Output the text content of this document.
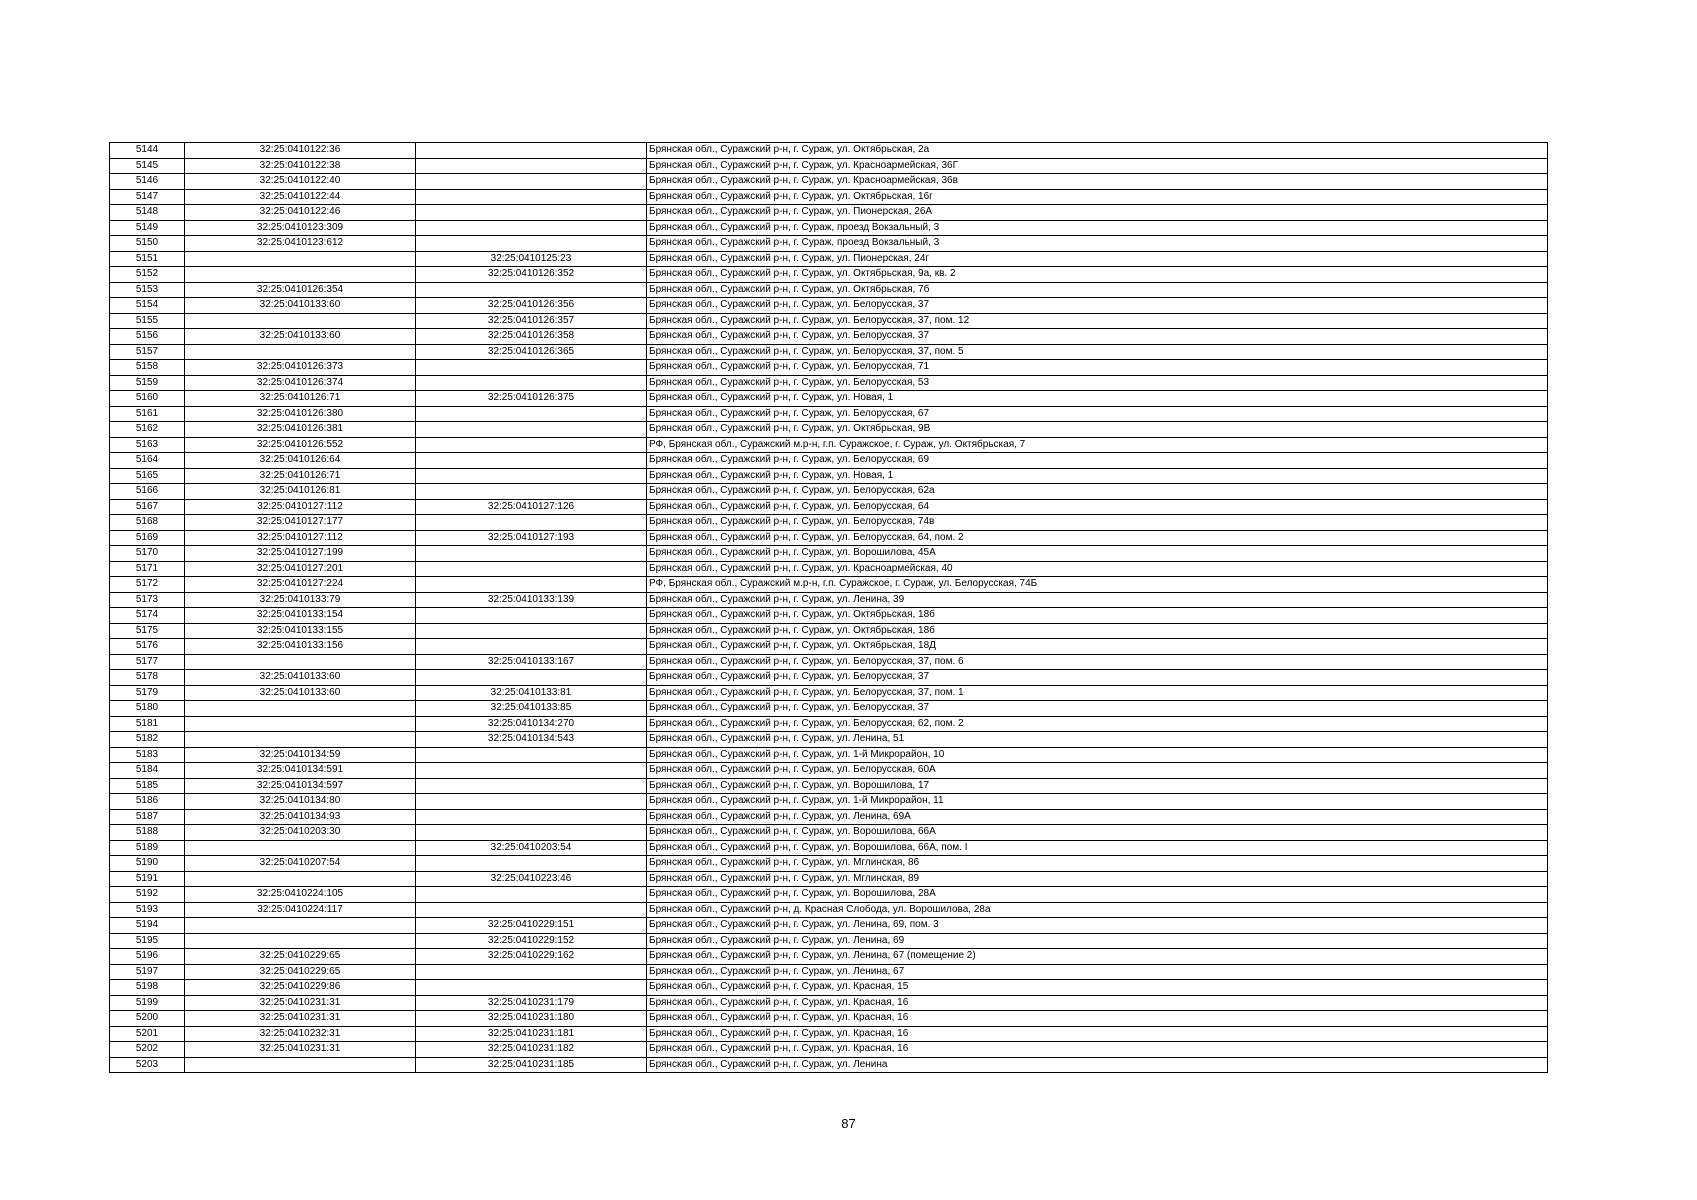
5144	32:25:0410122:36		Брянская обл., Суражский р-н, г. Сураж, ул. Октябрьская, 2а
5145	32:25:0410122:38		Брянская обл., Суражский р-н, г. Сураж, ул. Красноармейская, 36Г
5146	32:25:0410122:40		Брянская обл., Суражский р-н, г. Сураж, ул. Красноармейская, 36в
5147	32:25:0410122:44		Брянская обл., Суражский р-н, г. Сураж, ул. Октябрьская, 16г
5148	32:25:0410122:46		Брянская обл., Суражский р-н, г. Сураж, ул. Пионерская, 26А
5149	32:25:0410123:309		Брянская обл., Суражский р-н, г. Сураж, проезд Вокзальный, 3
5150	32:25:0410123:612		Брянская обл., Суражский р-н, г. Сураж, проезд Вокзальный, 3
5151		32:25:0410125:23	Брянская обл., Суражский р-н, г. Сураж, ул. Пионерская, 24г
5152		32:25:0410126:352	Брянская обл., Суражский р-н, г. Сураж, ул. Октябрьская, 9а, кв. 2
5153	32:25:0410126:354		Брянская обл., Суражский р-н, г. Сураж, ул. Октябрьская, 7б
5154	32:25:0410133:60	32:25:0410126:356	Брянская обл., Суражский р-н, г. Сураж, ул. Белорусская, 37
5155		32:25:0410126:357	Брянская обл., Суражский р-н, г. Сураж, ул. Белорусская, 37, пом. 12
5156	32:25:0410133:60	32:25:0410126:358	Брянская обл., Суражский р-н, г. Сураж, ул. Белорусская, 37
5157		32:25:0410126:365	Брянская обл., Суражский р-н, г. Сураж, ул. Белорусская, 37, пом. 5
5158	32:25:0410126:373		Брянская обл., Суражский р-н, г. Сураж, ул. Белорусская, 71
5159	32:25:0410126:374		Брянская обл., Суражский р-н, г. Сураж, ул. Белорусская, 53
5160	32:25:0410126:71	32:25:0410126:375	Брянская обл., Суражский р-н, г. Сураж, ул. Новая, 1
5161	32:25:0410126:380		Брянская обл., Суражский р-н, г. Сураж, ул. Белорусская, 67
5162	32:25:0410126:381		Брянская обл., Суражский р-н, г. Сураж, ул. Октябрьская, 9В
5163	32:25:0410126:552		РФ, Брянская обл., Суражский м.р-н, г.п. Суражское, г. Сураж, ул. Октябрьская, 7
5164	32:25:0410126:64		Брянская обл., Суражский р-н, г. Сураж, ул. Белорусская, 69
5165	32:25:0410126:71		Брянская обл., Суражский р-н, г. Сураж, ул. Новая, 1
5166	32:25:0410126:81		Брянская обл., Суражский р-н, г. Сураж, ул. Белорусская, 62а
5167	32:25:0410127:112	32:25:0410127:126	Брянская обл., Суражский р-н, г. Сураж, ул. Белорусская, 64
5168	32:25:0410127:177		Брянская обл., Суражский р-н, г. Сураж, ул. Белорусская, 74в
5169	32:25:0410127:112	32:25:0410127:193	Брянская обл., Суражский р-н, г. Сураж, ул. Белорусская, 64, пом. 2
5170	32:25:0410127:199		Брянская обл., Суражский р-н, г. Сураж, ул. Ворошилова, 45А
5171	32:25:0410127:201		Брянская обл., Суражский р-н, г. Сураж, ул. Красноармейская, 40
5172	32:25:0410127:224		РФ, Брянская обл., Суражский м.р-н, г.п. Суражское, г. Сураж, ул. Белорусская, 74Б
5173	32:25:0410133:79	32:25:0410133:139	Брянская обл., Суражский р-н, г. Сураж, ул. Ленина, 39
5174	32:25:0410133:154		Брянская обл., Суражский р-н, г. Сураж, ул. Октябрьская, 18б
5175	32:25:0410133:155		Брянская обл., Суражский р-н, г. Сураж, ул. Октябрьская, 18б
5176	32:25:0410133:156		Брянская обл., Суражский р-н, г. Сураж, ул. Октябрьская, 18Д
5177		32:25:0410133:167	Брянская обл., Суражский р-н, г. Сураж, ул. Белорусская, 37, пом. 6
5178	32:25:0410133:60		Брянская обл., Суражский р-н, г. Сураж, ул. Белорусская, 37
5179	32:25:0410133:60	32:25:0410133:81	Брянская обл., Суражский р-н, г. Сураж, ул. Белорусская, 37, пом. 1
5180		32:25:0410133:85	Брянская обл., Суражский р-н, г. Сураж, ул. Белорусская, 37
5181		32:25:0410134:270	Брянская обл., Суражский р-н, г. Сураж, ул. Белорусская, 62, пом. 2
5182		32:25:0410134:543	Брянская обл., Суражский р-н, г. Сураж, ул. Ленина, 51
5183	32:25:0410134:59		Брянская обл., Суражский р-н, г. Сураж, ул. 1-й Микрорайон, 10
5184	32:25:0410134:591		Брянская обл., Суражский р-н, г. Сураж, ул. Белорусская, 60А
5185	32:25:0410134:597		Брянская обл., Суражский р-н, г. Сураж, ул. Ворошилова, 17
5186	32:25:0410134:80		Брянская обл., Суражский р-н, г. Сураж, ул. 1-й Микрорайон, 11
5187	32:25:0410134:93		Брянская обл., Суражский р-н, г. Сураж, ул. Ленина, 69А
5188	32:25:0410203:30		Брянская обл., Суражский р-н, г. Сураж, ул. Ворошилова, 66А
5189		32:25:0410203:54	Брянская обл., Суражский р-н, г. Сураж, ул. Ворошилова, 66А, пом. I
5190	32:25:0410207:54		Брянская обл., Суражский р-н, г. Сураж, ул. Мглинская, 86
5191		32:25:0410223:46	Брянская обл., Суражский р-н, г. Сураж, ул. Мглинская, 89
5192	32:25:0410224:105		Брянская обл., Суражский р-н, г. Сураж, ул. Ворошилова, 28А
5193	32:25:0410224:117		Брянская обл., Суражский р-н, д. Красная Слобода, ул. Ворошилова, 28а
5194		32:25:0410229:151	Брянская обл., Суражский р-н, г. Сураж, ул. Ленина, 69, пом. 3
5195		32:25:0410229:152	Брянская обл., Суражский р-н, г. Сураж, ул. Ленина, 69
5196	32:25:0410229:65	32:25:0410229:162	Брянская обл., Суражский р-н, г. Сураж, ул. Ленина, 67 (помещение 2)
5197	32:25:0410229:65		Брянская обл., Суражский р-н, г. Сураж, ул. Ленина, 67
5198	32:25:0410229:86		Брянская обл., Суражский р-н, г. Сураж, ул. Красная, 15
5199	32:25:0410231:31	32:25:0410231:179	Брянская обл., Суражский р-н, г. Сураж, ул. Красная, 16
5200	32:25:0410231:31	32:25:0410231:180	Брянская обл., Суражский р-н, г. Сураж, ул. Красная, 16
5201	32:25:0410232:31	32:25:0410231:181	Брянская обл., Суражский р-н, г. Сураж, ул. Красная, 16
5202	32:25:0410231:31	32:25:0410231:182	Брянская обл., Суражский р-н, г. Сураж, ул. Красная, 16
5203		32:25:0410231:185	Брянская обл., Суражский р-н, г. Сураж, ул. Ленина
87
